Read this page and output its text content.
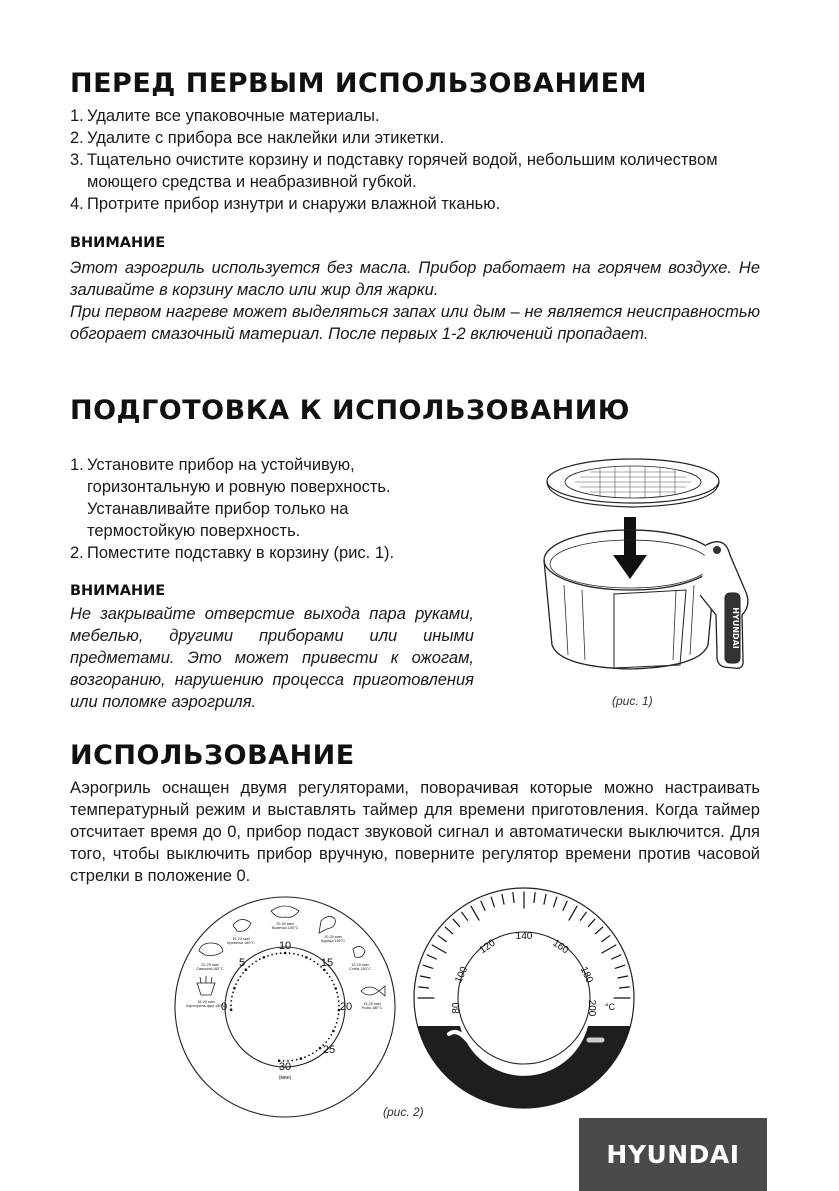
ПЕРЕД ПЕРВЫМ ИСПОЛЬЗОВАНИЕМ
1. Удалите все упаковочные материалы.
2. Удалите с прибора все наклейки или этикетки.
3. Тщательно очистите корзину и подставку горячей водой, небольшим количеством моющего средства и неабразивной губкой.
4. Протрите прибор изнутри и снаружи влажной тканью.
ВНИМАНИЕ

Этот аэрогриль используется без масла. Прибор работает на горячем воздухе. Не заливайте в корзину масло или жир для жарки.

При первом нагреве может выделяться запах или дым – не является неисправностью обгорает смазочный материал. После первых 1-2 включений пропадает.

ПОДГОТОВКА К ИСПОЛЬЗОВАНИЮ
1. Установите прибор на устойчивую, горизонтальную и ровную поверхность. Устанавливайте прибор только на термостойкую поверхность.
2. Поместите подставку в корзину (рис. 1).
ВНИМАНИЕ

Не закрывайте отверстие выхода пара руками, мебелью, другими приборами или иными предметами. Это может привести к ожогам, возгоранию, нарушению процесса приготовления или поломке аэрогриля.

HYUNDAI
(рис. 1)
ИСПОЛЬЗОВАНИЕ

Аэрогриль оснащен двумя регуляторами, поворачивая которые можно настраивать температурный режим и выставлять таймер для времени приготовления. Когда таймер отсчитает время до 0, прибор подаст звуковой сигнал и автоматически выключится. Для того, чтобы выключить прибор вручную, поверните регулятор времени против часовой стрелки в положение 0.

0
5
10
15
20
25
30
(мин)
15-20 мин
Креветки 180°C
20-30 мин
Выпечка 160°C
20-25 мин
Курица 180°C
20-25 мин
Свинина 180°C
10-20 мин
Стейк 180°C
15-20 мин
Картофель фри 180°C	15-25 мин
Рыба 180°C	80
100
120
140
160
180
200 °C
(рис. 2)
HYUNDAI
